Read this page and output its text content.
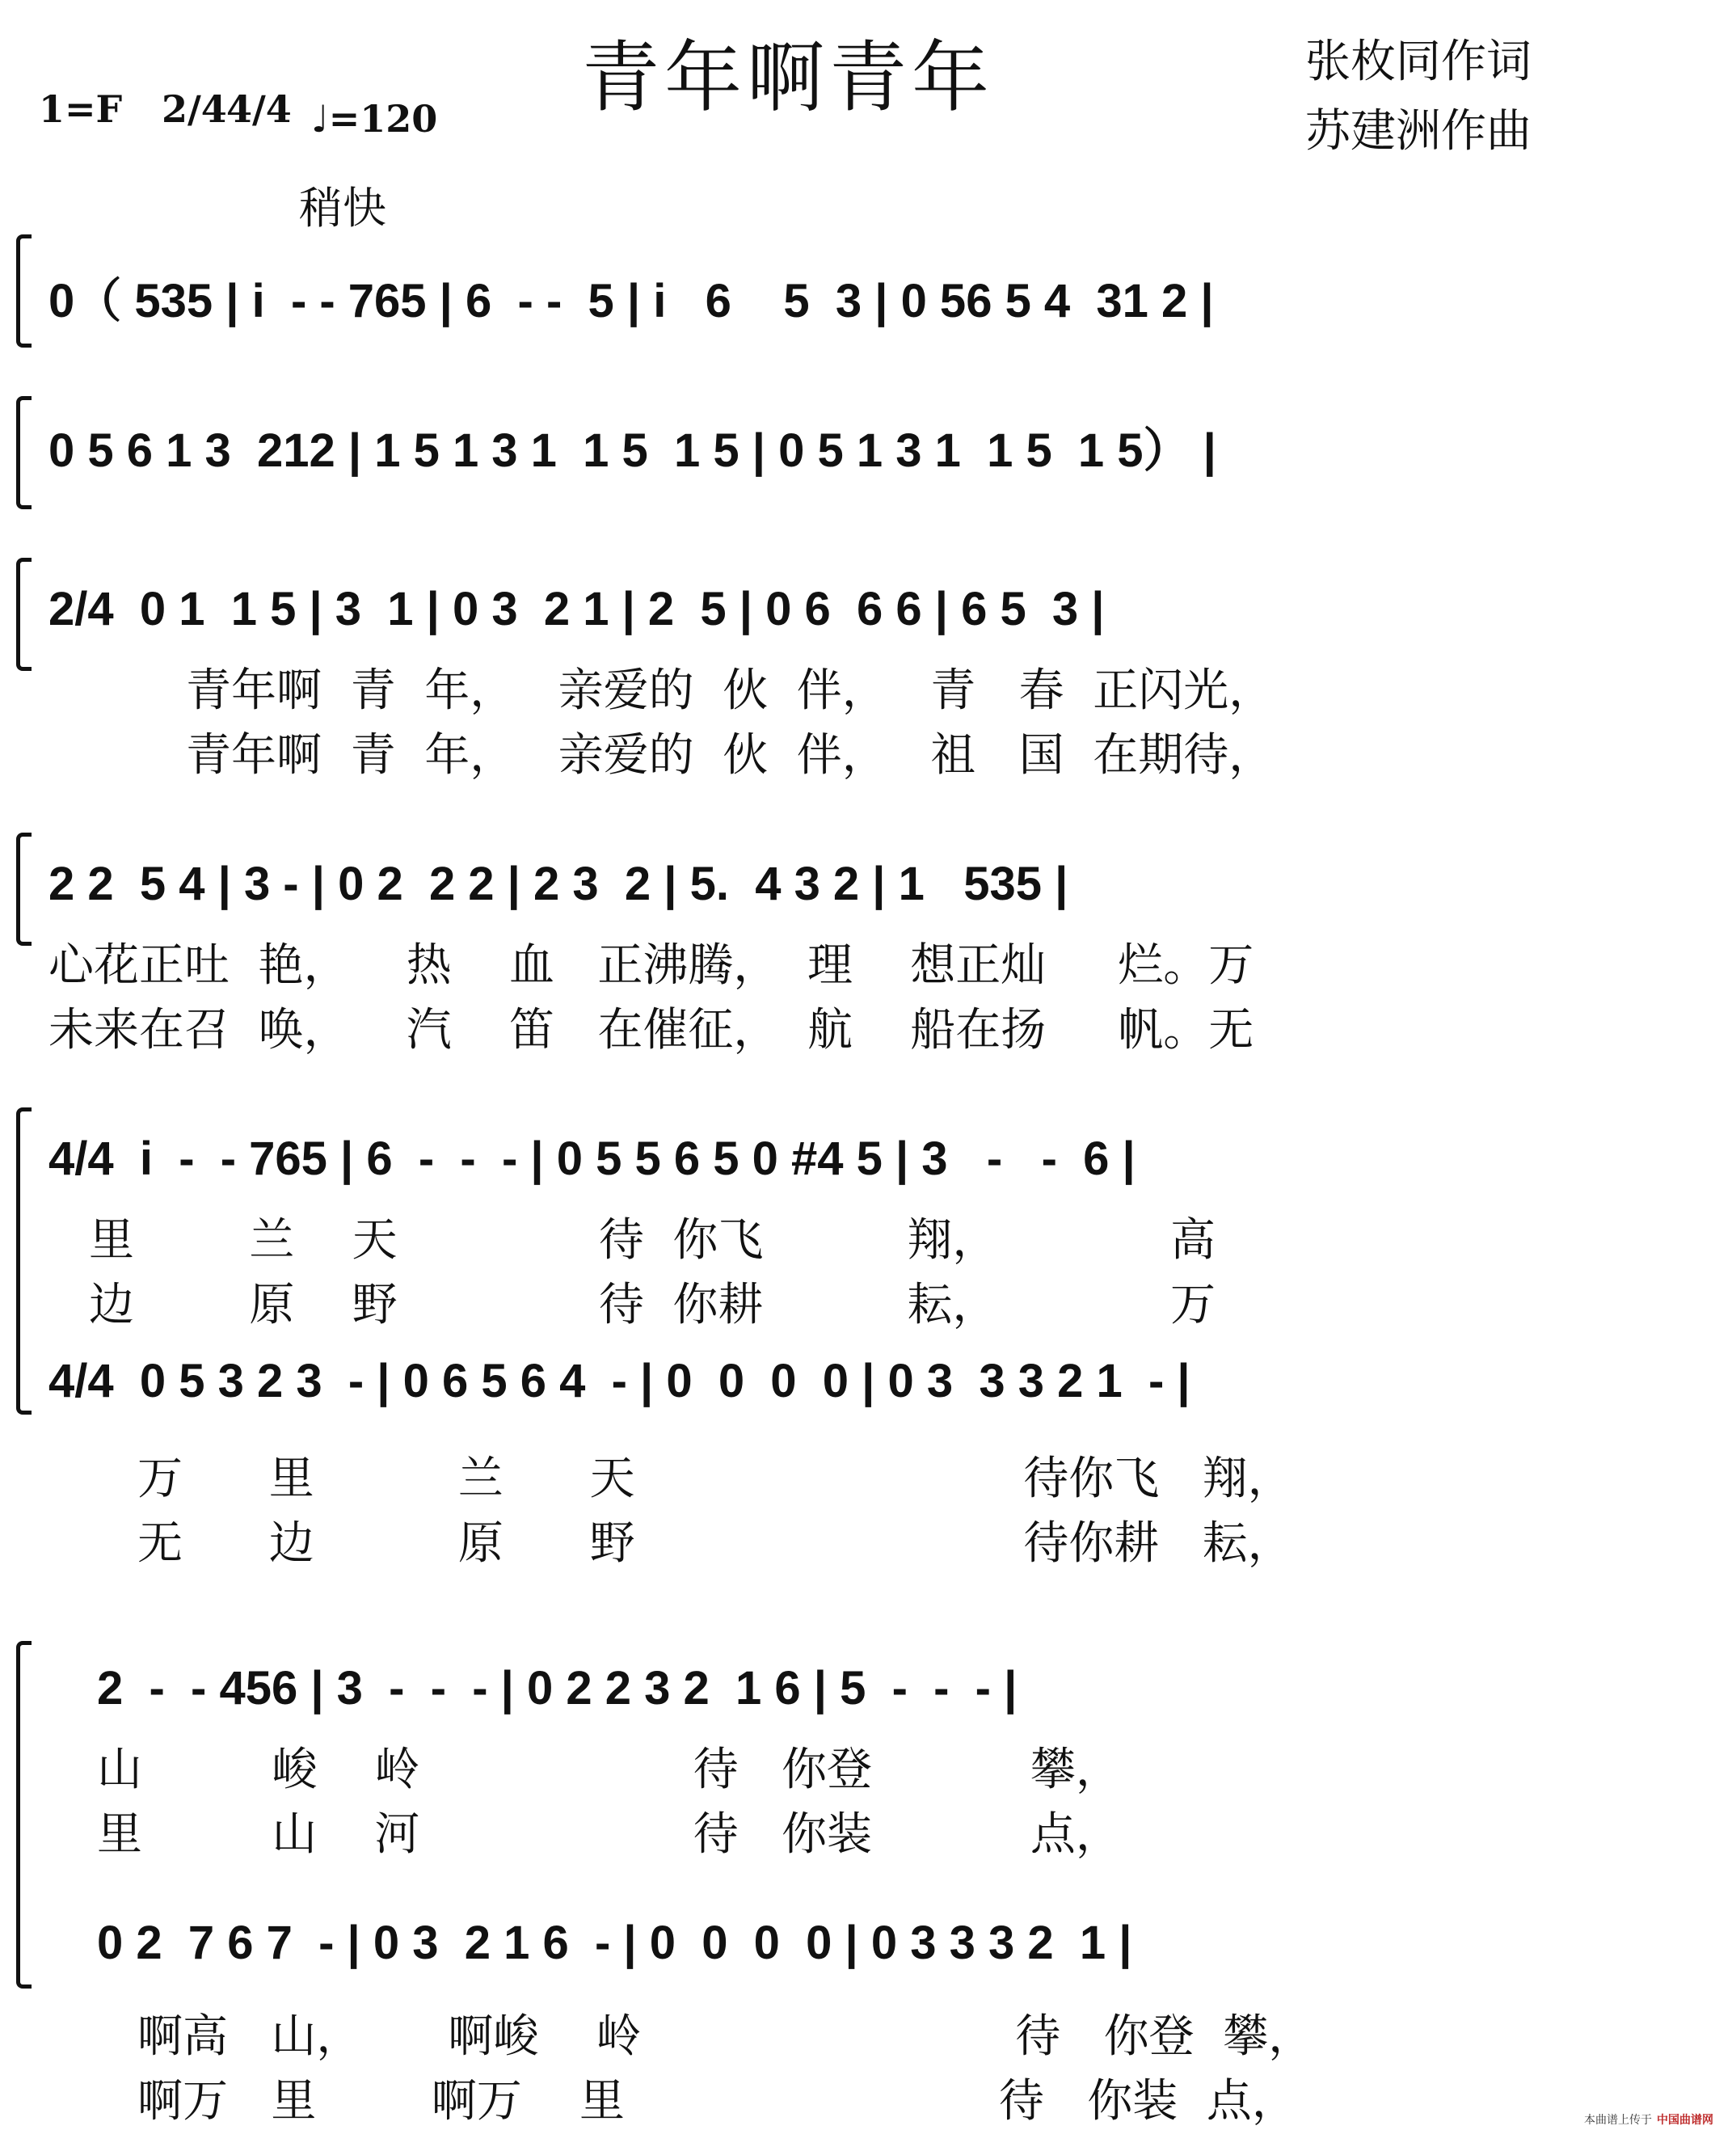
青年啊青年	张枚同作词
苏建洲作曲
1=F 2/4 4/4 ♩=120
稍快
0（ 535 | i  - - 765 | 6  - -  5 | i   6    5  3 | 0 56 5 4  31 2 |
0 5 6 1 3  212 | 1 5 1 3 1  1 5  1 5 | 0 5 1 3 1  1 5  1 5） |
2/4  0 1  1 5 | 3  1 | 0 3  2 1 | 2  5 | 0 6  6 6 | 6 5  3 |
青年啊  青  年，   亲爱的  伙  伴，   青   春  正闪光，
青年啊  青  年，   亲爱的  伙  伴，   祖   国  在期待，
2 2  5 4 | 3 - | 0 2  2 2 | 2 3  2 | 5.  4 3 2 | 1   535 |
心花正吐  艳，    热    血   正沸腾，  理    想正灿     烂。万
未来在召  唤，    汽    笛   在催征，  航    船在扬     帆。无
4/4  i  -  - 765 | 6  -  -  - | 0 5 5 6 5 0 #4 5 | 3   -   -  6 |
里        兰    天              待  你飞          翔，            高
边        原    野              待  你耕          耘，            万
4/4  0 5 3 2 3  - | 0 6 5 6 4  - | 0  0  0  0 | 0 3  3 3 2 1  - |
万      里          兰      天                           待你飞   翔，
无      边          原      野                           待你耕   耘，
2  -  - 456 | 3  -  -  - | 0 2 2 3 2  1 6 | 5  -  -  - |
山         峻    岭                   待   你登           攀，
里         山    河                   待   你装           点，
0 2  7 6 7  - | 0 3  2 1 6  - | 0  0  0  0 | 0 3 3 3 2  1 |
啊高   山，      啊峻    岭                          待   你登  攀，
啊万   里        啊万    里                          待   你装  点，	本曲谱上传于 中国曲谱网
